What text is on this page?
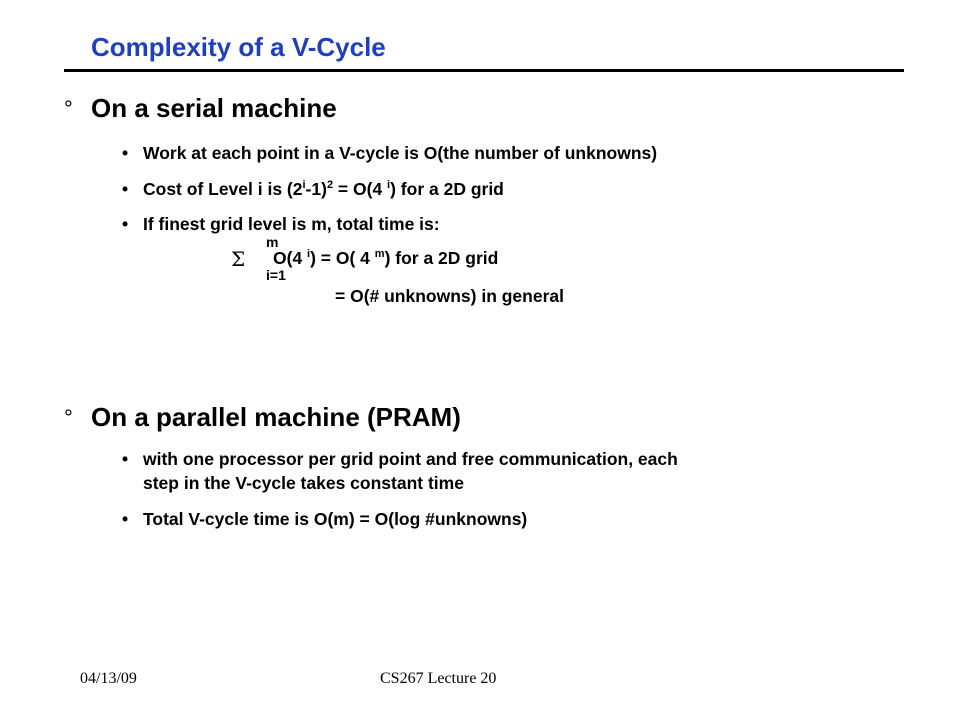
Complexity of a V-Cycle
° On a serial machine
• Work at each point in a V-cycle is O(the number of unknowns)
• Cost of Level i is $(2^i-1)^2 = O(4$ $^i$) for a 2D grid
• If finest grid level is m, total time is:
Σ
m
i=1
O(4 $^i$) = O( 4 $^m$) for a 2D grid
= O(# unknowns) in general
° On a parallel machine (PRAM)
• with one processor per grid point and free communication, each
step in the V-cycle takes constant time
• Total V-cycle time is O(m) = O(log #unknowns)
04/13/09	CS267 Lecture 20
